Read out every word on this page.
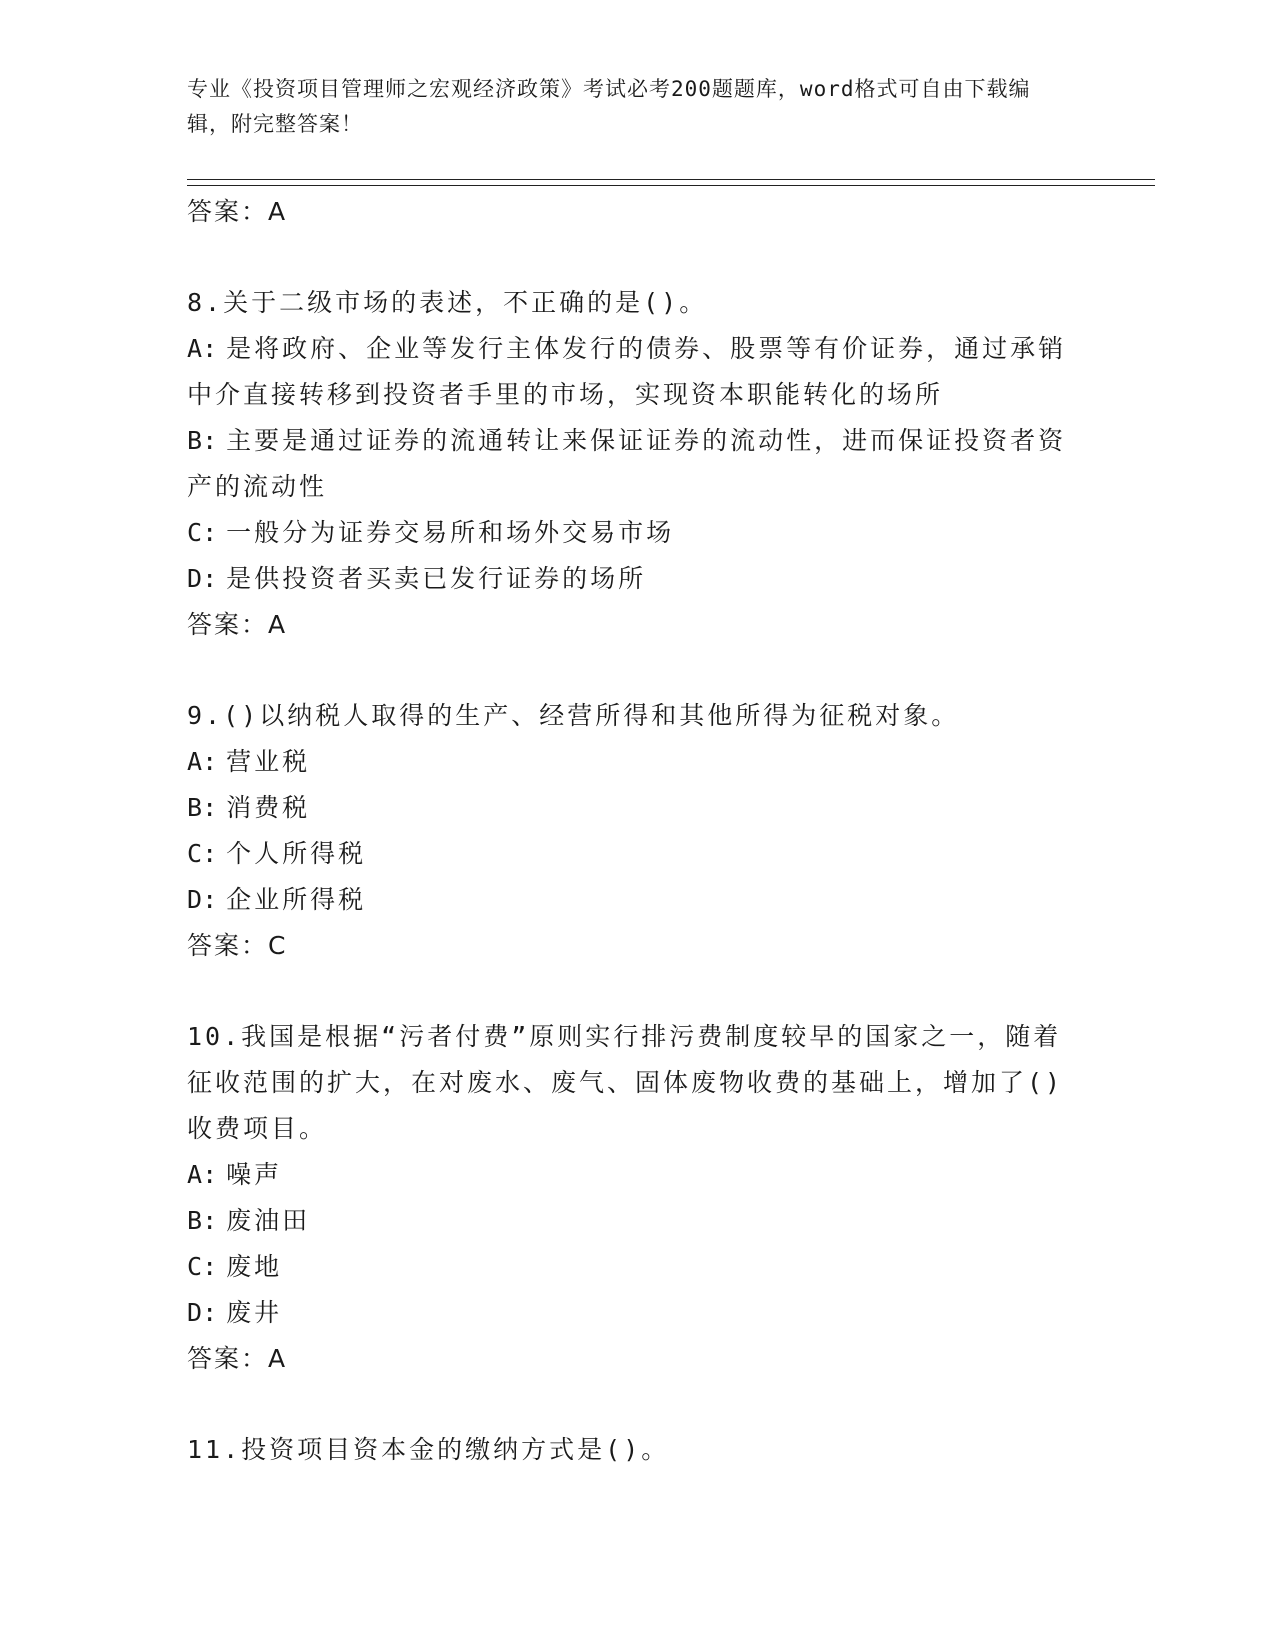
专业《投资项目管理师之宏观经济政策》考试必考200题题库，word格式可自由下载编辑，附完整答案！
答案：A
8.关于二级市场的表述，不正确的是()。
A: 是将政府、企业等发行主体发行的债券、股票等有价证券，通过承销中介直接转移到投资者手里的市场，实现资本职能转化的场所
B: 主要是通过证券的流通转让来保证证券的流动性，进而保证投资者资产的流动性
C: 一般分为证券交易所和场外交易市场
D: 是供投资者买卖已发行证券的场所
答案：A
9.()以纳税人取得的生产、经营所得和其他所得为征税对象。
A: 营业税
B: 消费税
C: 个人所得税
D: 企业所得税
答案：C
10.我国是根据“污者付费”原则实行排污费制度较早的国家之一，随着征收范围的扩大，在对废水、废气、固体废物收费的基础上，增加了()收费项目。
A: 噪声
B: 废油田
C: 废地
D: 废井
答案：A
11.投资项目资本金的缴纳方式是()。
